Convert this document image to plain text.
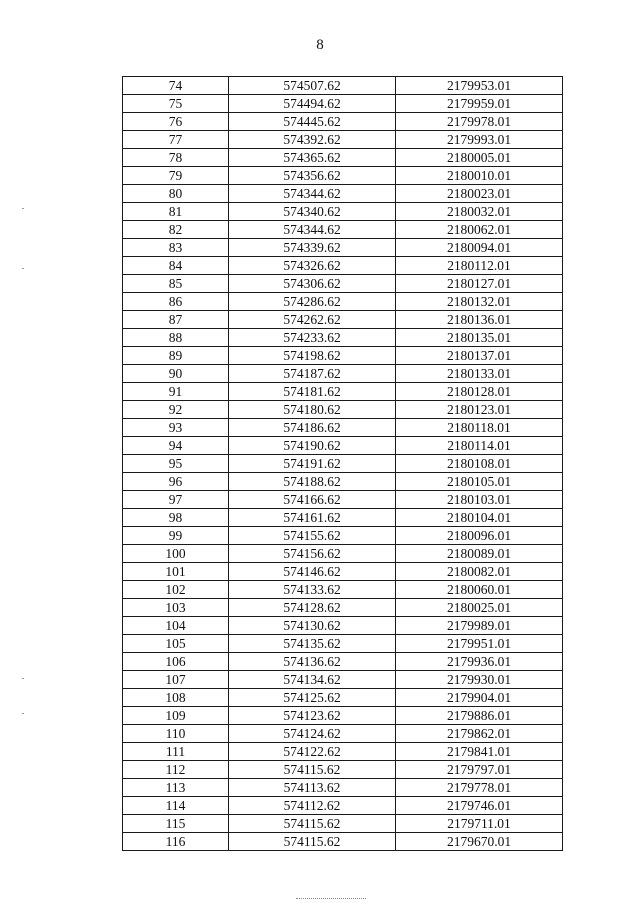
8
74	574507.62	2179953.01
75	574494.62	2179959.01
76	574445.62	2179978.01
77	574392.62	2179993.01
78	574365.62	2180005.01
79	574356.62	2180010.01
80	574344.62	2180023.01
81	574340.62	2180032.01
82	574344.62	2180062.01
83	574339.62	2180094.01
84	574326.62	2180112.01
85	574306.62	2180127.01
86	574286.62	2180132.01
87	574262.62	2180136.01
88	574233.62	2180135.01
89	574198.62	2180137.01
90	574187.62	2180133.01
91	574181.62	2180128.01
92	574180.62	2180123.01
93	574186.62	2180118.01
94	574190.62	2180114.01
95	574191.62	2180108.01
96	574188.62	2180105.01
97	574166.62	2180103.01
98	574161.62	2180104.01
99	574155.62	2180096.01
100	574156.62	2180089.01
101	574146.62	2180082.01
102	574133.62	2180060.01
103	574128.62	2180025.01
104	574130.62	2179989.01
105	574135.62	2179951.01
106	574136.62	2179936.01
107	574134.62	2179930.01
108	574125.62	2179904.01
109	574123.62	2179886.01
110	574124.62	2179862.01
111	574122.62	2179841.01
112	574115.62	2179797.01
113	574113.62	2179778.01
114	574112.62	2179746.01
115	574115.62	2179711.01
116	574115.62	2179670.01
